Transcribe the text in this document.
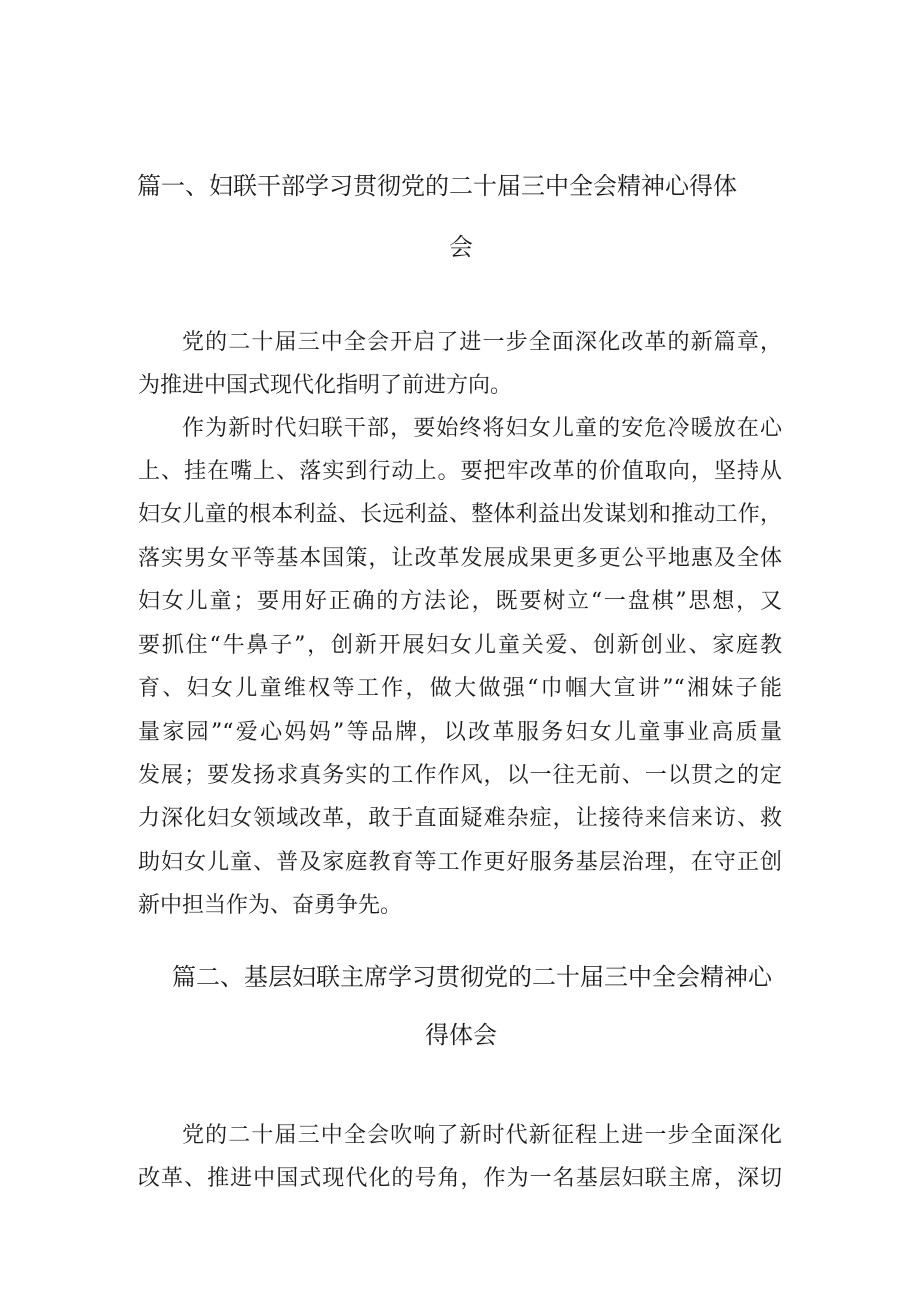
篇一、妇联干部学习贯彻党的二十届三中全会精神心得体
会
党的二十届三中全会开启了进一步全面深化改革的新篇章，
为推进中国式现代化指明了前进方向。
作为新时代妇联干部，要始终将妇女儿童的安危冷暖放在心
上、挂在嘴上、落实到行动上。要把牢改革的价值取向，坚持从
妇女儿童的根本利益、长远利益、整体利益出发谋划和推动工作，
落实男女平等基本国策，让改革发展成果更多更公平地惠及全体
妇女儿童；要用好正确的方法论，既要树立“一盘棋”思想，又
要抓住“牛鼻子”，创新开展妇女儿童关爱、创新创业、家庭教
育、妇女儿童维权等工作，做大做强“巾帼大宣讲”“湘妹子能
量家园”“爱心妈妈”等品牌，以改革服务妇女儿童事业高质量
发展；要发扬求真务实的工作作风，以一往无前、一以贯之的定
力深化妇女领域改革，敢于直面疑难杂症，让接待来信来访、救
助妇女儿童、普及家庭教育等工作更好服务基层治理，在守正创
新中担当作为、奋勇争先。
篇二、基层妇联主席学习贯彻党的二十届三中全会精神心
得体会
党的二十届三中全会吹响了新时代新征程上进一步全面深化
改革、推进中国式现代化的号角，作为一名基层妇联主席，深切
